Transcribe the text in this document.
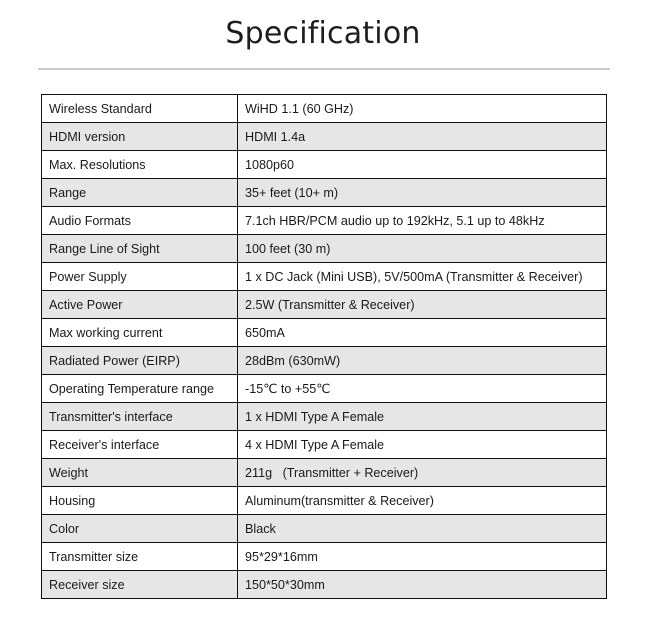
Specification
Wireless Standard	WiHD 1.1 (60 GHz)
HDMI version	HDMI 1.4a
Max. Resolutions	1080p60
Range	35+ feet (10+ m)
Audio Formats	7.1ch HBR/PCM audio up to 192kHz, 5.1 up to 48kHz
Range Line of Sight	100 feet (30 m)
Power Supply	1 x DC Jack (Mini USB), 5V/500mA (Transmitter & Receiver)
Active Power	2.5W (Transmitter & Receiver)
Max working current	650mA
Radiated Power (EIRP)	28dBm (630mW)
Operating Temperature range	-15℃ to +55℃
Transmitter's interface	1 x HDMI Type A Female
Receiver's interface	4 x HDMI Type A Female
Weight	211g   (Transmitter + Receiver)
Housing	Aluminum(transmitter & Receiver)
Color	Black
Transmitter size	95*29*16mm
Receiver size	150*50*30mm
